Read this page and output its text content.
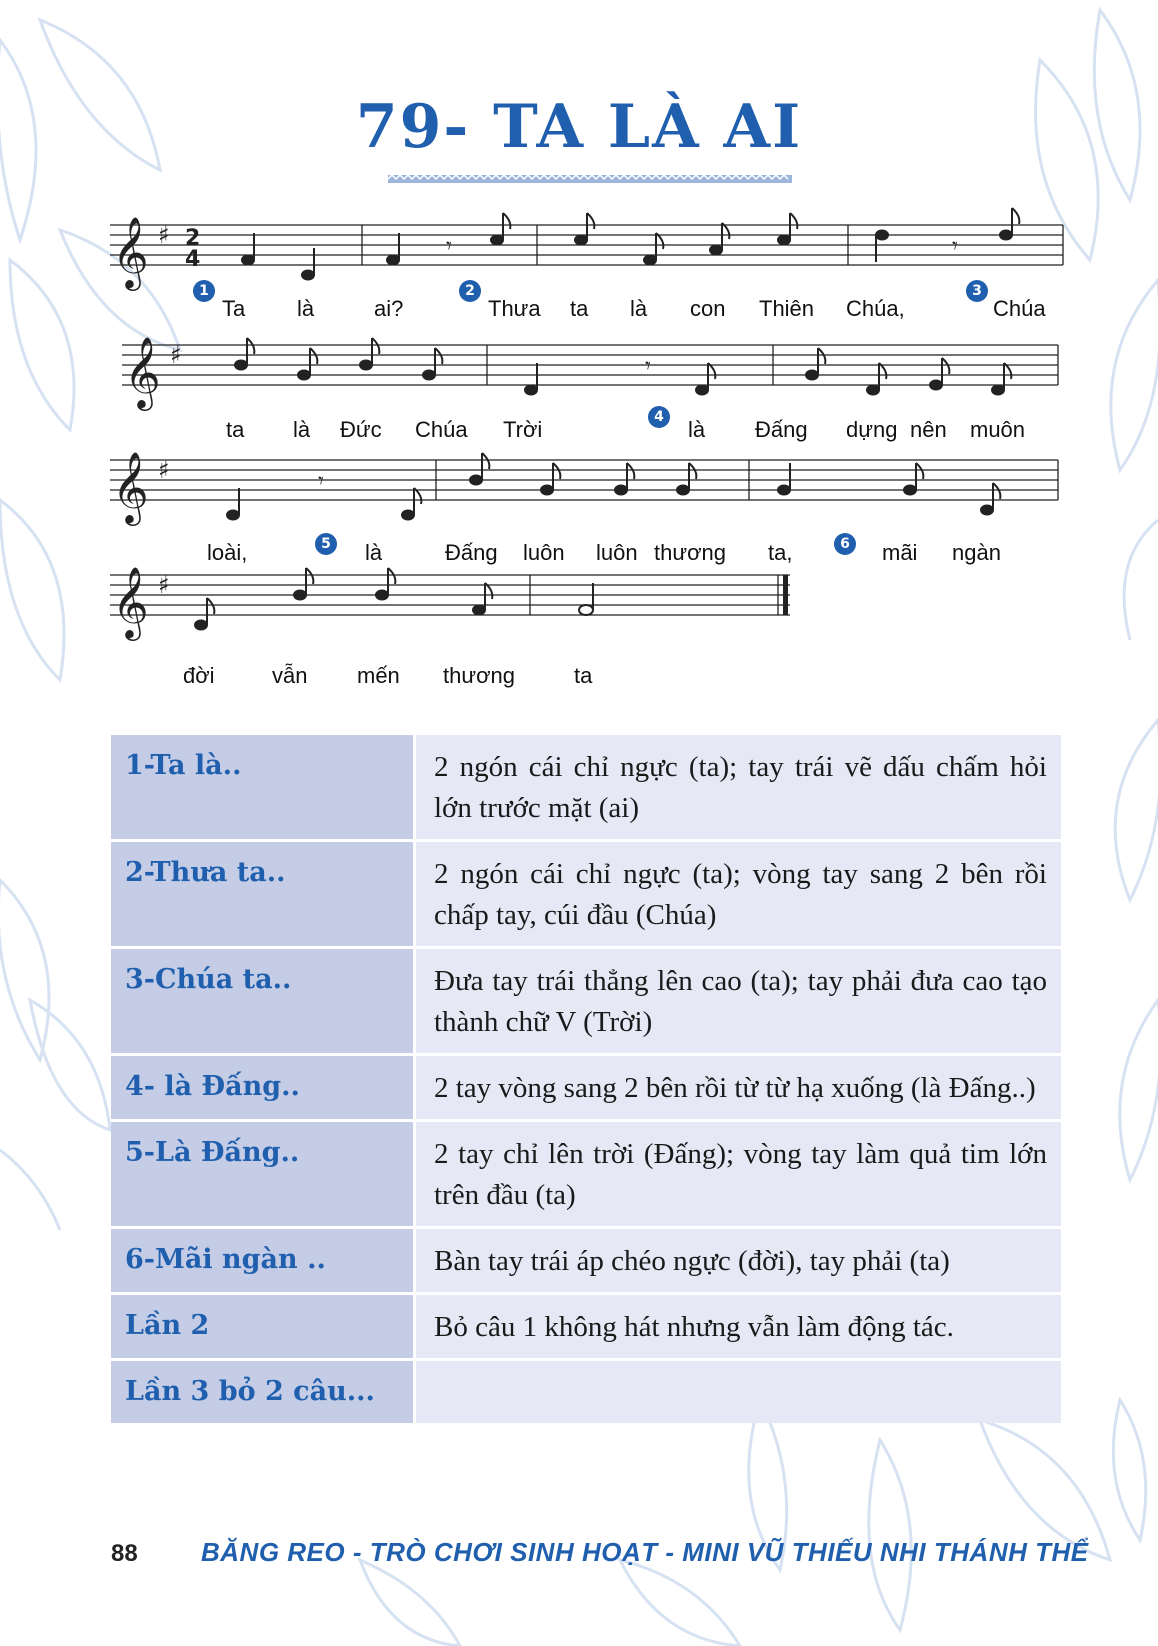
79- TA LÀ AI
𝄞
𝄞
𝄞
𝄞
♯
♯
♯
♯
2
4
𝄾	𝄾
𝄾
𝄾
1
Ta là	ai?
2
Thưa ta là con Thiên Chúa,
3
Chúa
ta là Đức Chúa Trời	4 là Đấng dựng nên muôn
loài,	5 là	Đấng luôn luôn thương ta,	6 mãi ngàn
đời	vẫn mến thương	ta
1-Ta là..	2 ngón cái chỉ ngực (ta); tay trái vẽ dấu chấm hỏi lớn trước mặt (ai)
2-Thưa ta..	2 ngón cái chỉ ngực (ta); vòng tay sang 2 bên rồi chấp tay, cúi đầu (Chúa)
3-Chúa ta..	Đưa tay trái thẳng lên cao (ta); tay phải đưa cao tạo thành chữ V (Trời)
4- là Đấng..	2 tay vòng sang 2 bên rồi từ từ hạ xuống (là Đấng..)
5-Là Đấng..	2 tay chỉ lên trời (Đấng); vòng tay làm quả tim lớn trên đầu (ta)
6-Mãi ngàn ..	Bàn tay trái áp chéo ngực (đời), tay phải (ta)
Lần 2	Bỏ câu 1 không hát nhưng vẫn làm động tác.
Lần 3 bỏ 2 câu...
88 BĂNG REO - TRÒ CHƠI SINH HOẠT - MINI VŨ THIẾU NHI THÁNH THỂ
